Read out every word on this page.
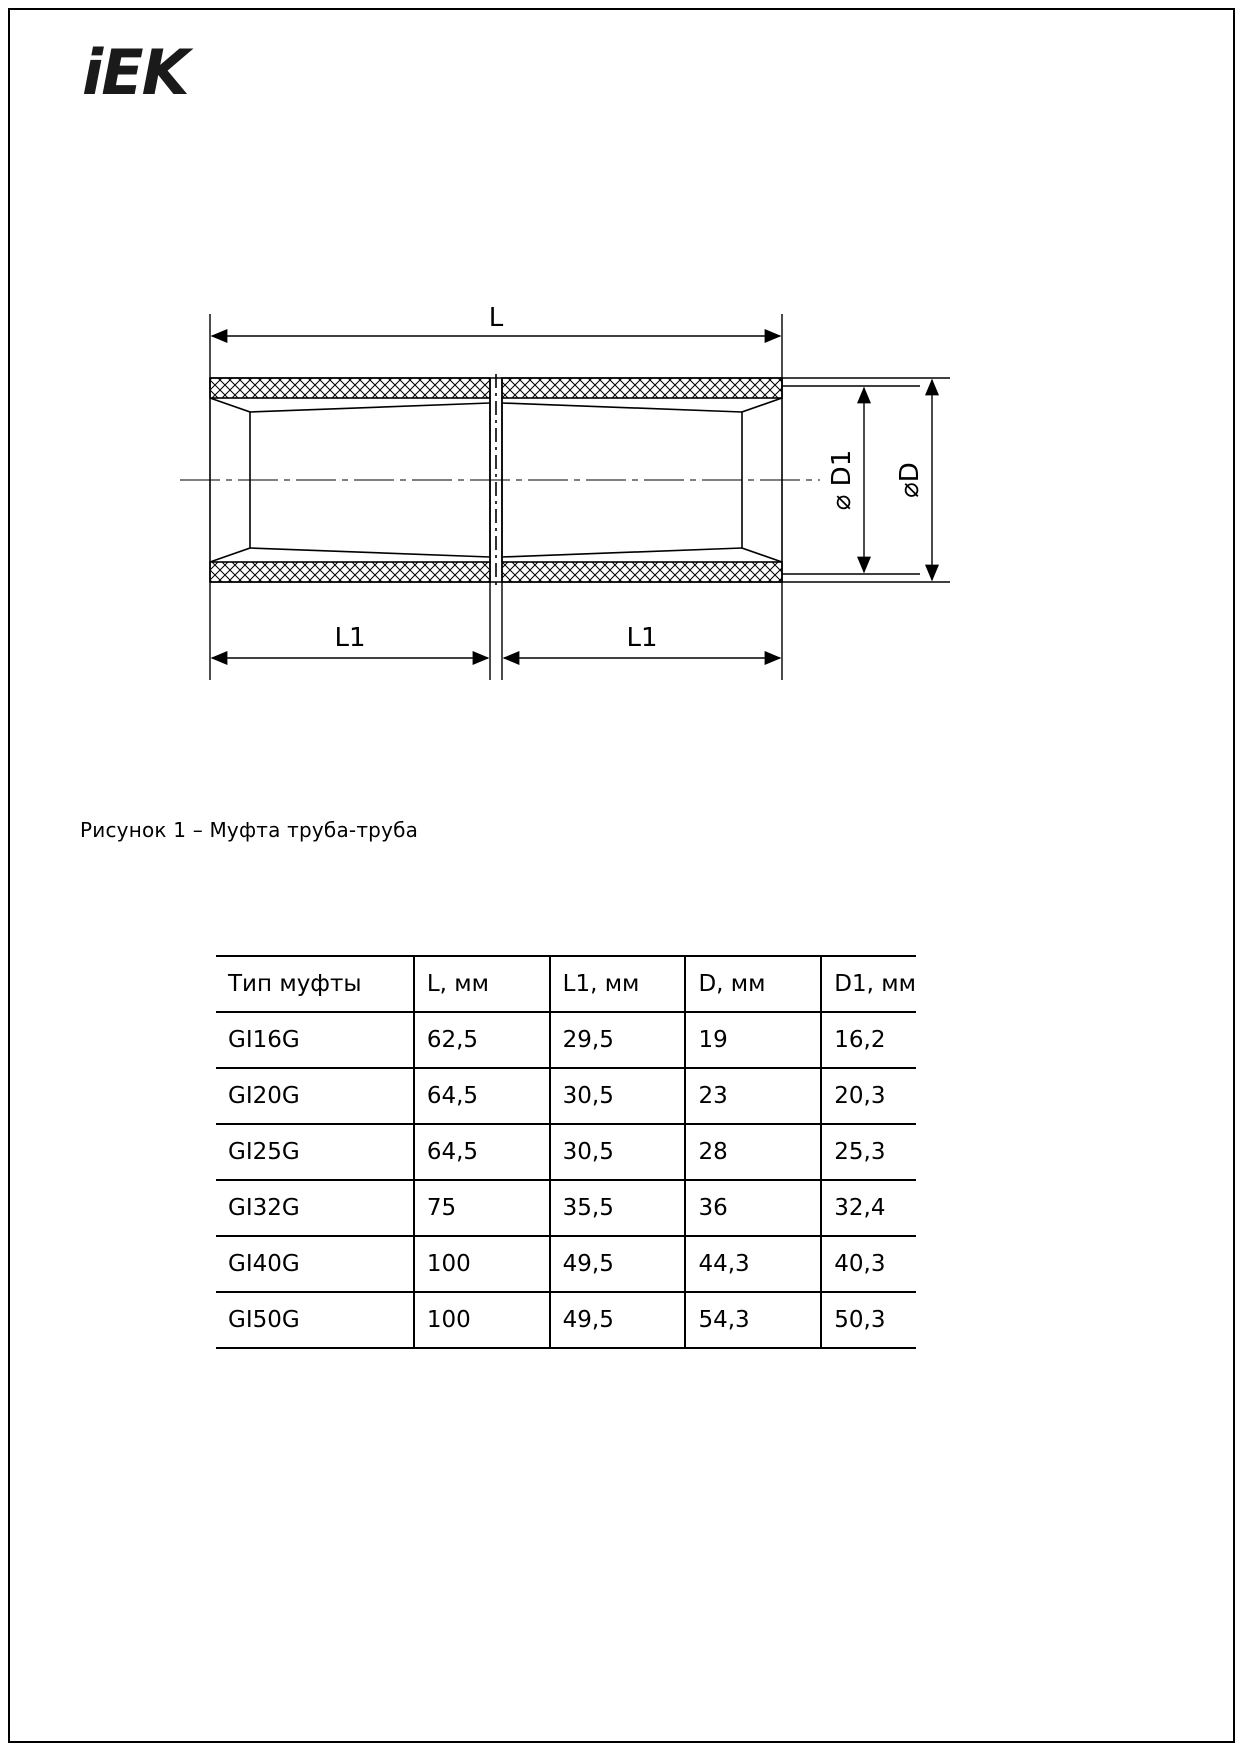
iEK
L
L1	L1
⌀ D1 ⌀D
Рисунок 1 – Муфта труба-труба
Тип муфты	L, мм	L1, мм	D, мм	D1, мм
GI16G	62,5	29,5	19	16,2
GI20G	64,5	30,5	23	20,3
GI25G	64,5	30,5	28	25,3
GI32G	75	35,5	36	32,4
GI40G	100	49,5	44,3	40,3
GI50G	100	49,5	54,3	50,3
